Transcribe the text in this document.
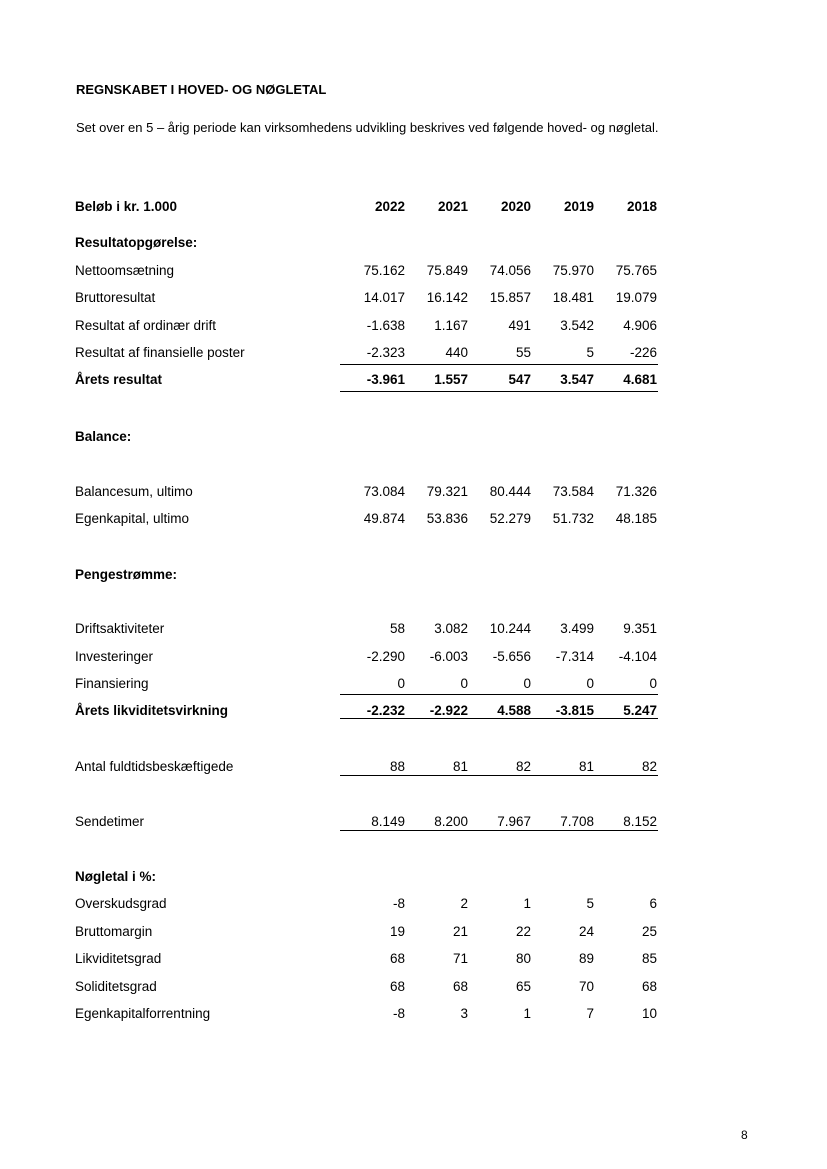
REGNSKABET I HOVED- OG NØGLETAL
Set over en 5 – årig periode kan virksomhedens udvikling beskrives ved følgende hoved- og nøgletal.
Beløb i kr. 1.000	2022	2021	2020	2019	2018
Resultatopgørelse:
Nettoomsætning	75.162	75.849	74.056	75.970	75.765
Bruttoresultat	14.017	16.142	15.857	18.481	19.079
Resultat af ordinær drift	-1.638	1.167	491	3.542	4.906
Resultat af finansielle poster	-2.323	440	55	5	-226
Årets resultat	-3.961	1.557	547	3.547	4.681
Balance:
Balancesum, ultimo	73.084	79.321	80.444	73.584	71.326
Egenkapital, ultimo	49.874	53.836	52.279	51.732	48.185
Pengestrømme:
Driftsaktiviteter	58	3.082	10.244	3.499	9.351
Investeringer	-2.290	-6.003	-5.656	-7.314	-4.104
Finansiering	0	0	0	0	0
Årets likviditetsvirkning	-2.232	-2.922	4.588	-3.815	5.247
Antal fuldtidsbeskæftigede	88	81	82	81	82
Sendetimer	8.149	8.200	7.967	7.708	8.152
Nøgletal i %:
Overskudsgrad	-8	2	1	5	6
Bruttomargin	19	21	22	24	25
Likviditetsgrad	68	71	80	89	85
Soliditetsgrad	68	68	65	70	68
Egenkapitalforrentning	-8	3	1	7	10
8
